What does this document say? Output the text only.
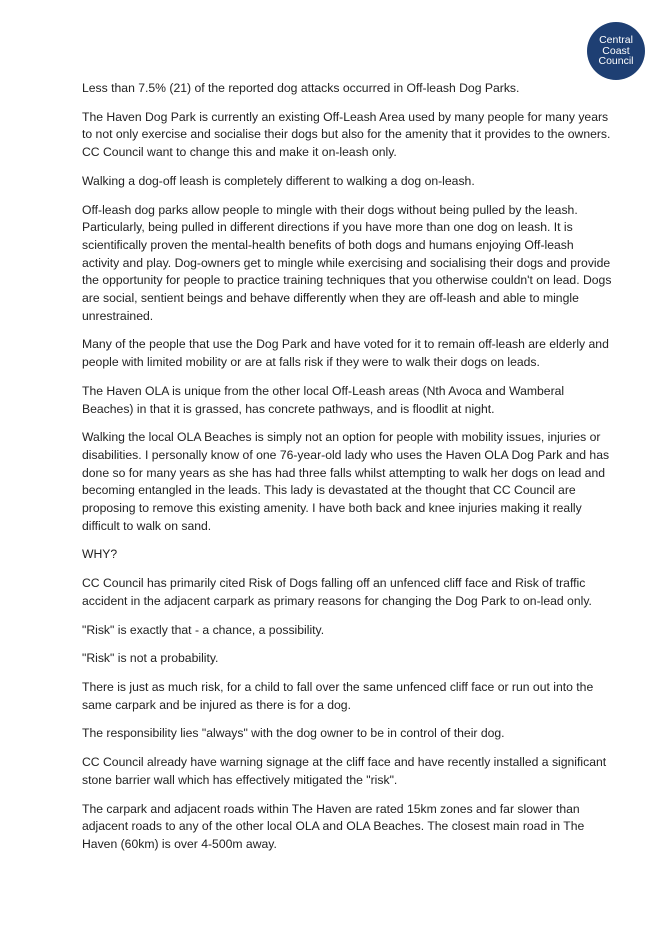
Central
Coast
Council

Less than 7.5% (21) of the reported dog attacks occurred in Off-leash Dog Parks.

The Haven Dog Park is currently an existing Off-Leash Area used by many people for many years to not only exercise and socialise their dogs but also for the amenity that it provides to the owners. CC Council want to change this and make it on-leash only.

Walking a dog-off leash is completely different to walking a dog on-leash.

Off-leash dog parks allow people to mingle with their dogs without being pulled by the leash. Particularly, being pulled in different directions if you have more than one dog on leash. It is scientifically proven the mental-health benefits of both dogs and humans enjoying Off-leash activity and play. Dog-owners get to mingle while exercising and socialising their dogs and provide the opportunity for people to practice training techniques that you otherwise couldn't on lead. Dogs are social, sentient beings and behave differently when they are off-leash and able to mingle unrestrained.

Many of the people that use the Dog Park and have voted for it to remain off-leash are elderly and people with limited mobility or are at falls risk if they were to walk their dogs on leads.

The Haven OLA is unique from the other local Off-Leash areas (Nth Avoca and Wamberal Beaches) in that it is grassed, has concrete pathways, and is floodlit at night.

Walking the local OLA Beaches is simply not an option for people with mobility issues, injuries or disabilities. I personally know of one 76-year-old lady who uses the Haven OLA Dog Park and has done so for many years as she has had three falls whilst attempting to walk her dogs on lead and becoming entangled in the leads. This lady is devastated at the thought that CC Council are proposing to remove this existing amenity. I have both back and knee injuries making it really difficult to walk on sand.

WHY?

CC Council has primarily cited Risk of Dogs falling off an unfenced cliff face and Risk of traffic accident in the adjacent carpark as primary reasons for changing the Dog Park to on-lead only.

"Risk" is exactly that - a chance, a possibility.

"Risk" is not a probability.

There is just as much risk, for a child to fall over the same unfenced cliff face or run out into the same carpark and be injured as there is for a dog.

The responsibility lies "always" with the dog owner to be in control of their dog.

CC Council already have warning signage at the cliff face and have recently installed a significant stone barrier wall which has effectively mitigated the "risk".

The carpark and adjacent roads within The Haven are rated 15km zones and far slower than adjacent roads to any of the other local OLA and OLA Beaches. The closest main road in The Haven (60km) is over 4-500m away.
